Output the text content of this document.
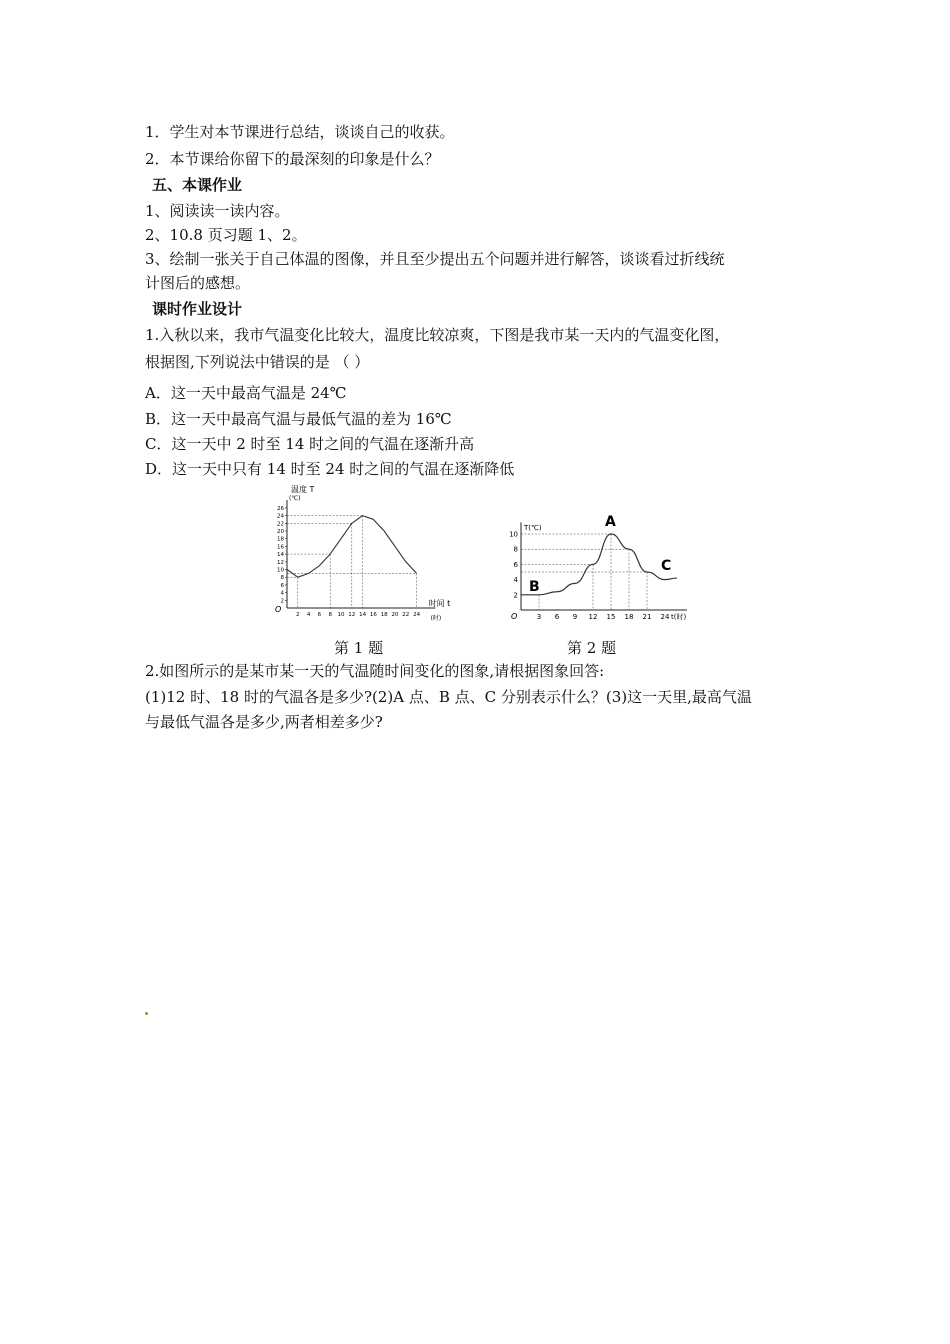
1．学生对本节课进行总结，谈谈自己的收获。
2．本节课给你留下的最深刻的印象是什么？
五、本课作业
1、阅读读一读内容。
2、10.8 页习题 1、2。
3、绘制一张关于自己体温的图像，并且至少提出五个问题并进行解答，谈谈看过折线统
计图后的感想。
课时作业设计
1.入秋以来，我市气温变化比较大，温度比较凉爽，下图是我市某一天内的气温变化图，
根据图,下列说法中错误的是 （ ）
A．这一天中最高气温是 24℃
B．这一天中最高气温与最低气温的差为 16℃
C．这一天中 2 时至 14 时之间的气温在逐渐升高
D．这一天中只有 14 时至 24 时之间的气温在逐渐降低
O
温度 T
(℃)
时间 t
(时)
2
4
6
8
10
12
14
16
18
20
22
24
26
2 4 6 8 10 12 14 16 18 20 22 24	O
T(℃)
t(时)
2
4
6
8
10
3 6 9 12 15 18 21 24
A
B
C
第 1 题	第 2 题
2.如图所示的是某市某一天的气温随时间变化的图象,请根据图象回答:
(1)12 时、18 时的气温各是多少?(2)A 点、B 点、C 分别表示什么？(3)这一天里,最高气温
与最低气温各是多少,两者相差多少?
